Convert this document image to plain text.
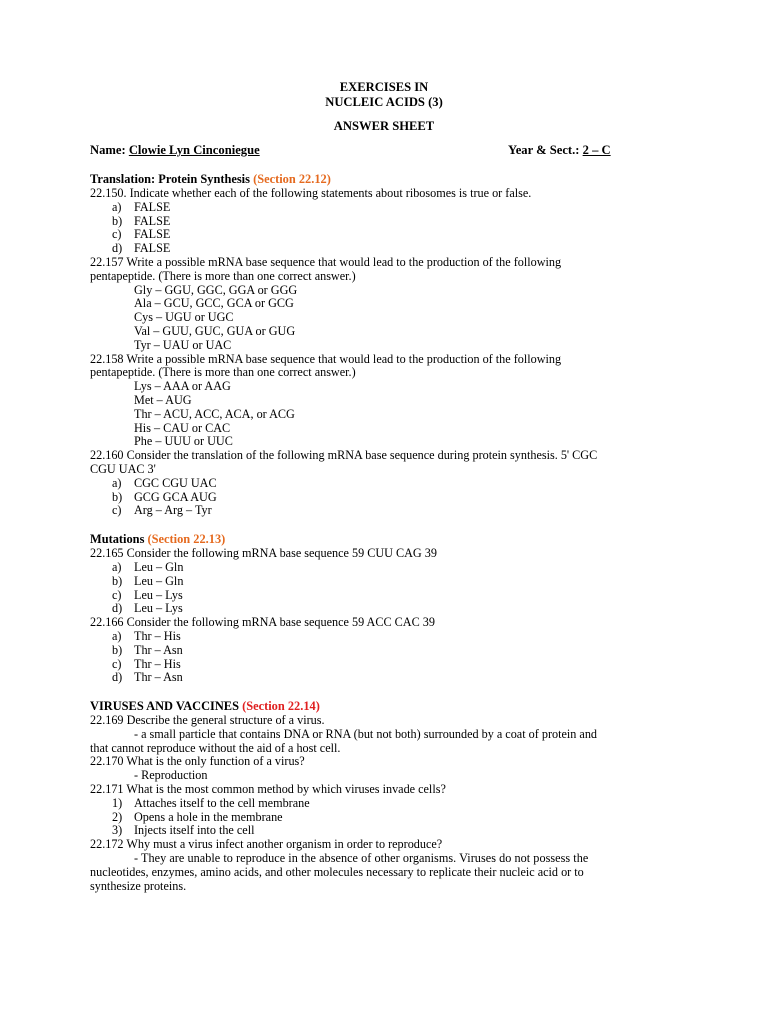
EXERCISES IN
NUCLEIC ACIDS (3)
ANSWER SHEET
Name: Clowie Lyn Cinconiegue	Year & Sect.: 2 – C
Translation: Protein Synthesis (Section 22.12)
22.150. Indicate whether each of the following statements about ribosomes is true or false.
a) FALSE
b) FALSE
c) FALSE
d) FALSE
22.157 Write a possible mRNA base sequence that would lead to the production of the following
pentapeptide. (There is more than one correct answer.)
Gly – GGU, GGC, GGA or GGG
Ala – GCU, GCC, GCA or GCG
Cys – UGU or UGC
Val – GUU, GUC, GUA or GUG
Tyr – UAU or UAC
22.158 Write a possible mRNA base sequence that would lead to the production of the following
pentapeptide. (There is more than one correct answer.)
Lys – AAA or AAG
Met – AUG
Thr – ACU, ACC, ACA, or ACG
His – CAU or CAC
Phe – UUU or UUC
22.160 Consider the translation of the following mRNA base sequence during protein synthesis. 5' CGC
CGU UAC 3'
a) CGC CGU UAC
b) GCG GCA AUG
c) Arg – Arg – Tyr
Mutations (Section 22.13)
22.165 Consider the following mRNA base sequence 59 CUU CAG 39
a) Leu – Gln
b) Leu – Gln
c) Leu – Lys
d) Leu – Lys
22.166 Consider the following mRNA base sequence 59 ACC CAC 39
a) Thr – His
b) Thr – Asn
c) Thr – His
d) Thr – Asn
VIRUSES AND VACCINES (Section 22.14)
22.169 Describe the general structure of a virus.
- a small particle that contains DNA or RNA (but not both) surrounded by a coat of protein and
that cannot reproduce without the aid of a host cell.
22.170 What is the only function of a virus?
- Reproduction
22.171 What is the most common method by which viruses invade cells?
1) Attaches itself to the cell membrane
2) Opens a hole in the membrane
3) Injects itself into the cell
22.172 Why must a virus infect another organism in order to reproduce?
- They are unable to reproduce in the absence of other organisms. Viruses do not possess the
nucleotides, enzymes, amino acids, and other molecules necessary to replicate their nucleic acid or to
synthesize proteins.
